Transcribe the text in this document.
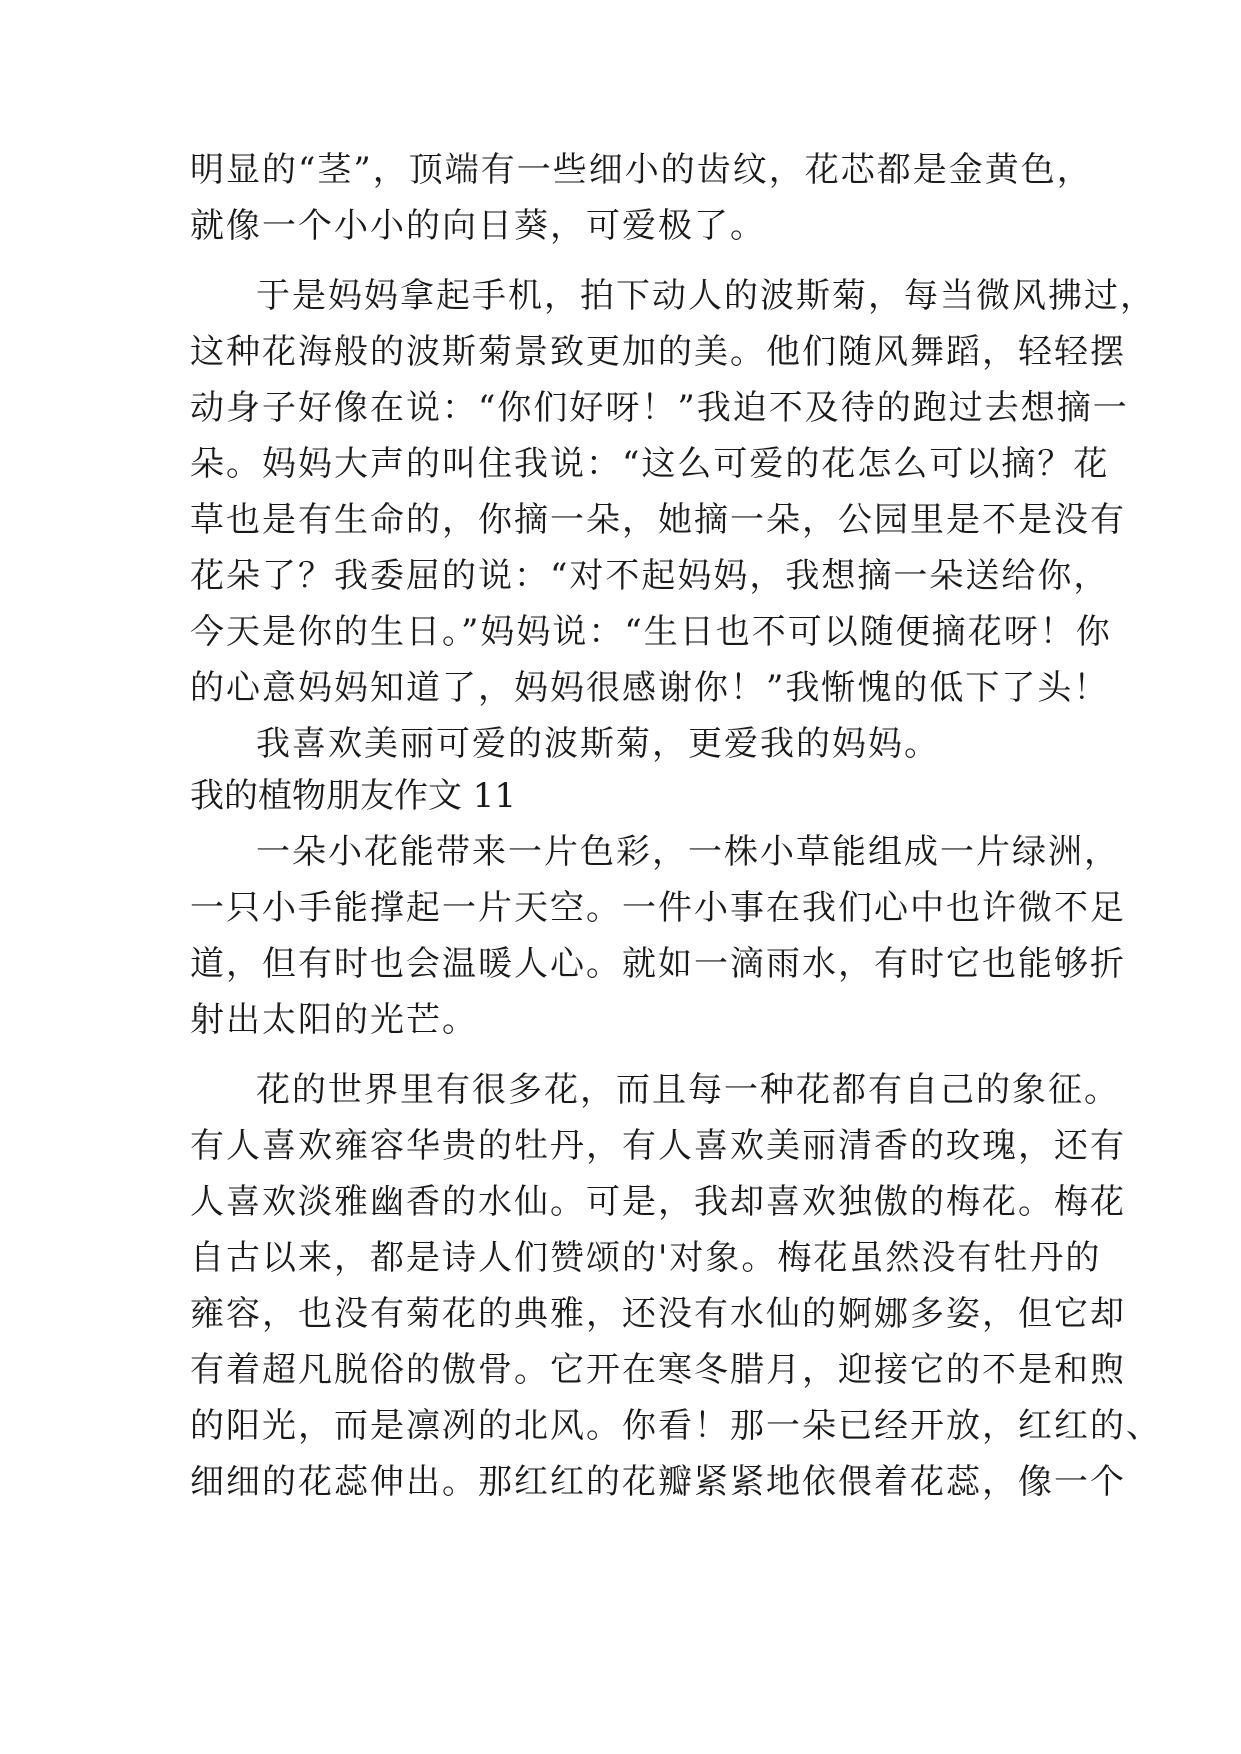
明显的“茎”，顶端有一些细小的齿纹，花芯都是金黄色，
就像一个小小的向日葵，可爱极了。
于是妈妈拿起手机，拍下动人的波斯菊，每当微风拂过，
这种花海般的波斯菊景致更加的美。他们随风舞蹈，轻轻摆
动身子好像在说：“你们好呀！”我迫不及待的跑过去想摘一
朵。妈妈大声的叫住我说：“这么可爱的花怎么可以摘？花
草也是有生命的，你摘一朵，她摘一朵，公园里是不是没有
花朵了？我委屈的说：“对不起妈妈，我想摘一朵送给你，
今天是你的生日。”妈妈说：“生日也不可以随便摘花呀！你
的心意妈妈知道了，妈妈很感谢你！”我惭愧的低下了头！
我喜欢美丽可爱的波斯菊，更爱我的妈妈。
我的植物朋友作文 11
一朵小花能带来一片色彩，一株小草能组成一片绿洲，
一只小手能撑起一片天空。一件小事在我们心中也许微不足
道，但有时也会温暖人心。就如一滴雨水，有时它也能够折
射出太阳的光芒。
花的世界里有很多花，而且每一种花都有自己的象征。
有人喜欢雍容华贵的牡丹，有人喜欢美丽清香的玫瑰，还有
人喜欢淡雅幽香的水仙。可是，我却喜欢独傲的梅花。梅花
自古以来，都是诗人们赞颂的'对象。梅花虽然没有牡丹的
雍容，也没有菊花的典雅，还没有水仙的婀娜多姿，但它却
有着超凡脱俗的傲骨。它开在寒冬腊月，迎接它的不是和煦
的阳光，而是凛冽的北风。你看！那一朵已经开放，红红的、
细细的花蕊伸出。那红红的花瓣紧紧地依偎着花蕊，像一个
